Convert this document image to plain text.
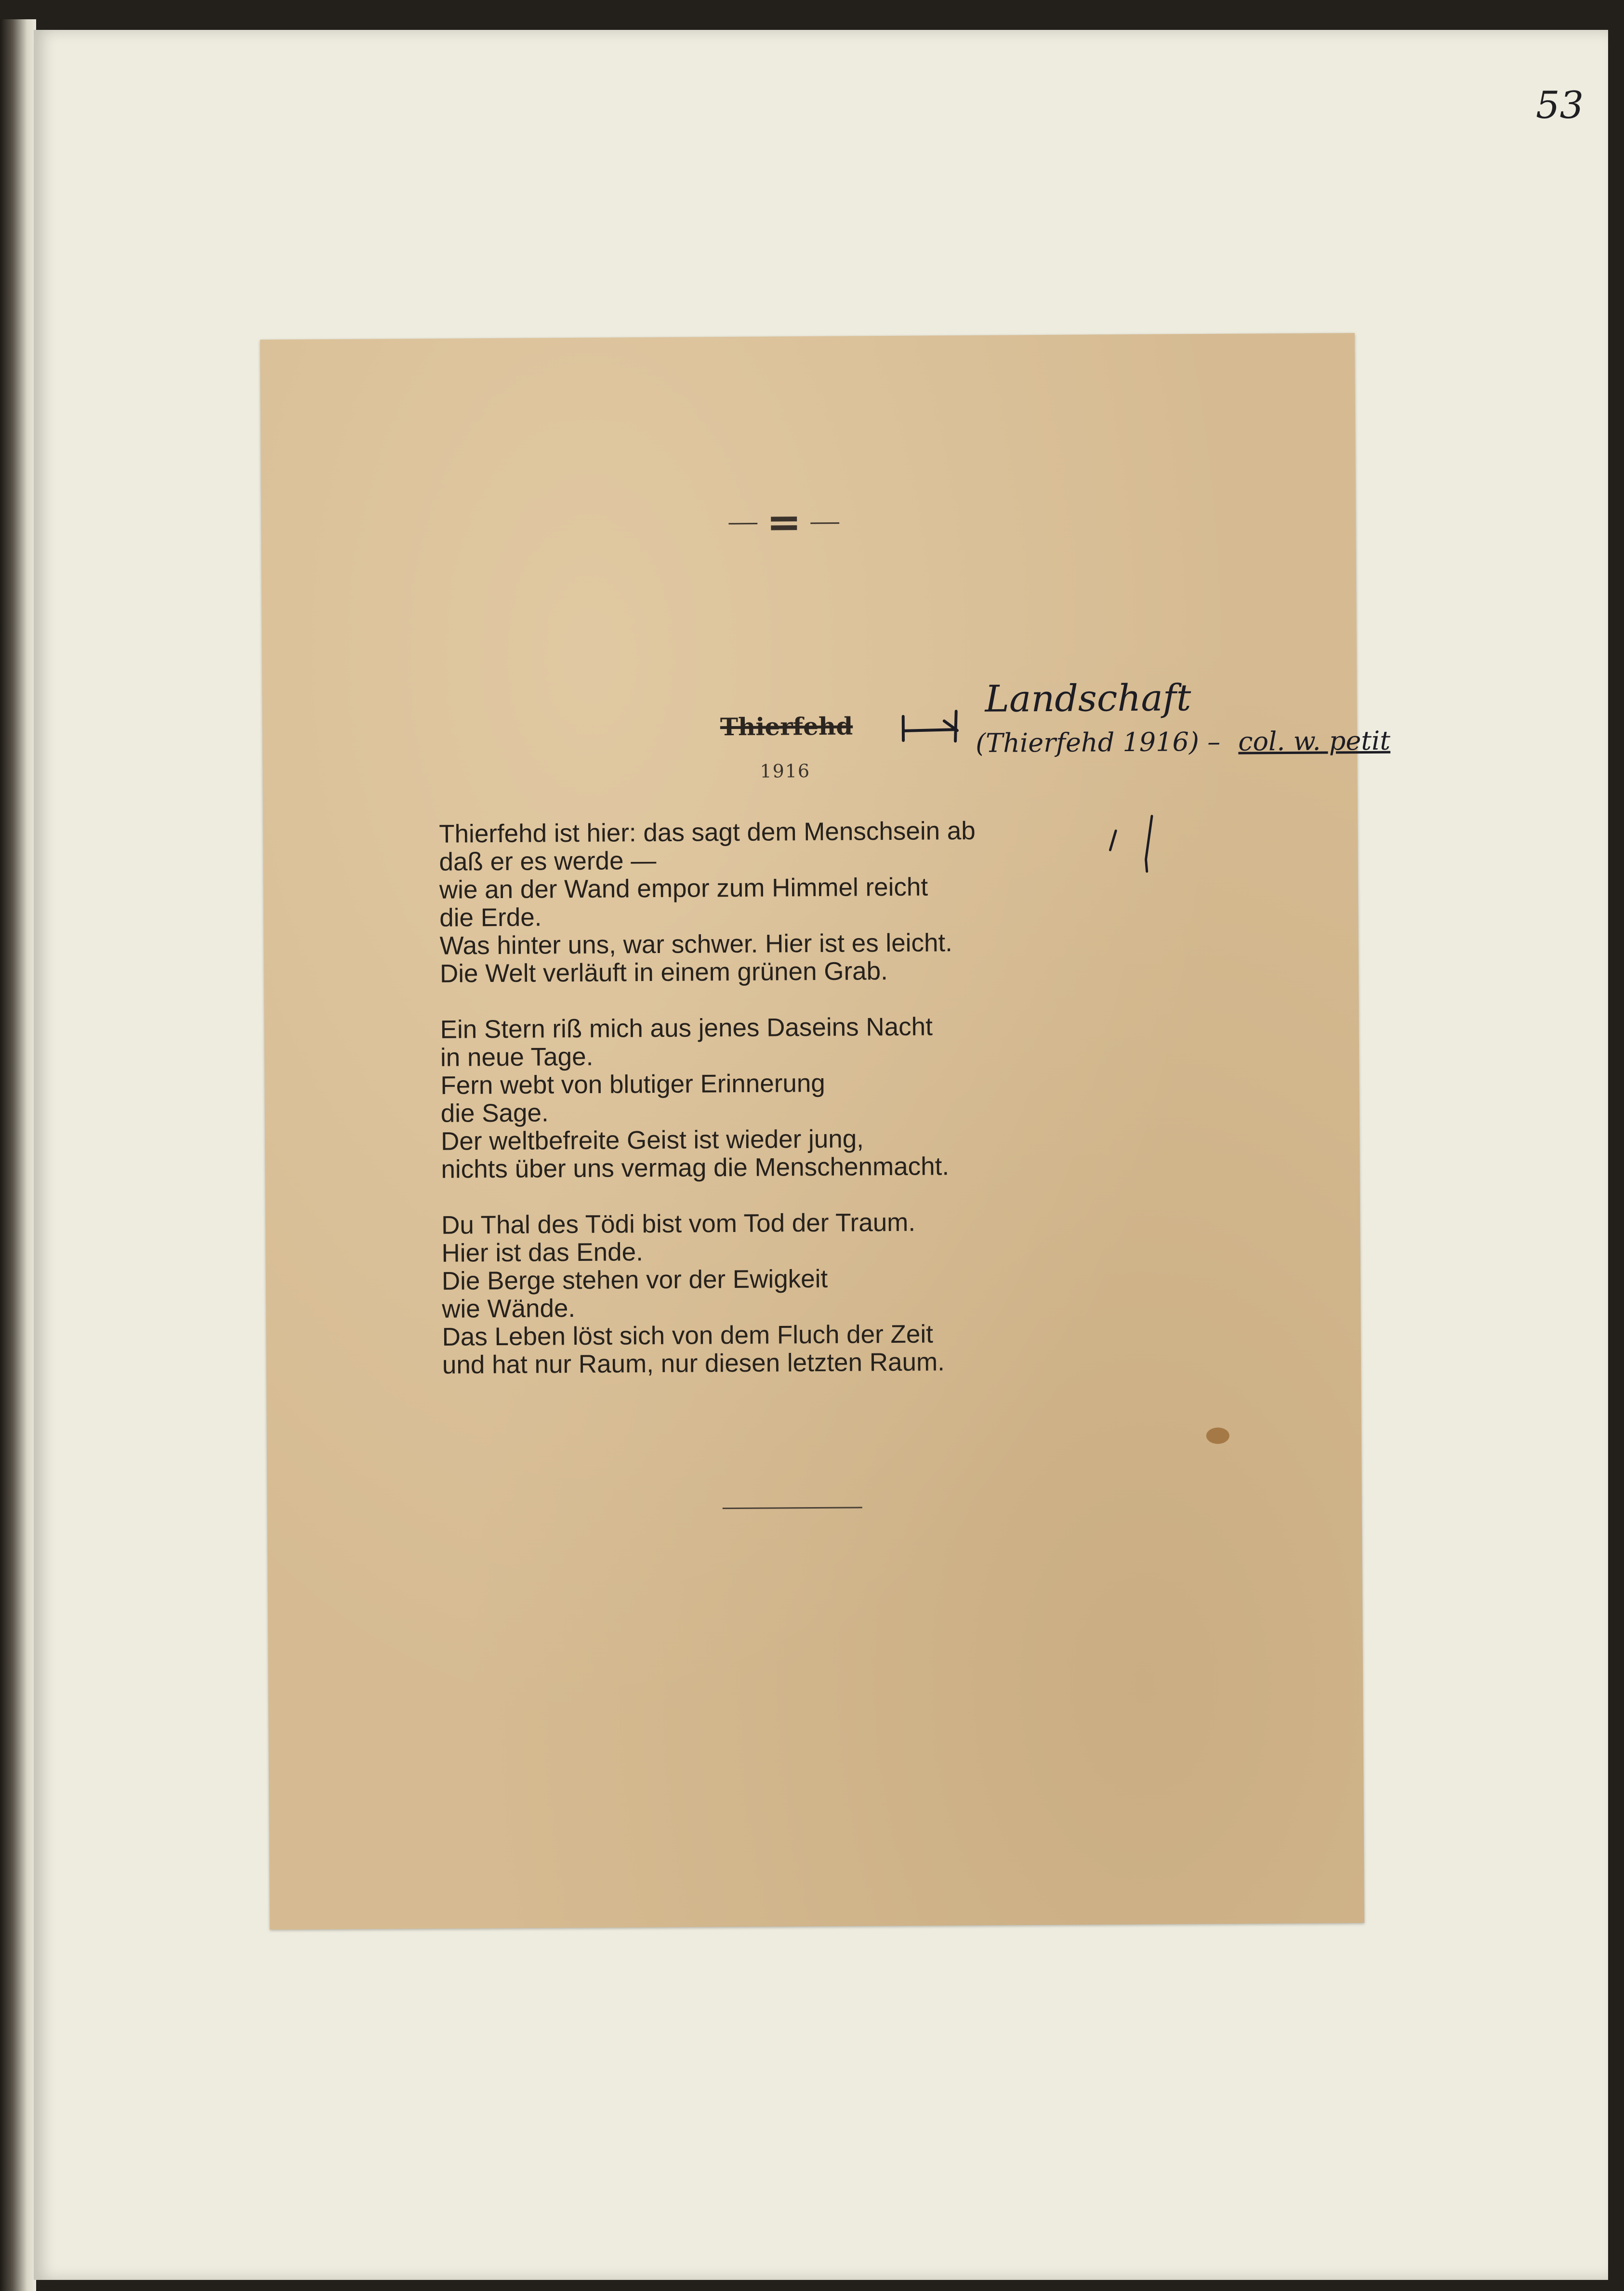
53
Thierfehd
1916
Landschaft
(Thierfehd 1916) – col. w. petit
Thierfehd ist hier: das sagt dem Menschsein ab
daß er es werde —
wie an der Wand empor zum Himmel reicht
die Erde.
Was hinter uns, war schwer. Hier ist es leicht.
Die Welt verläuft in einem grünen Grab.
Ein Stern riß mich aus jenes Daseins Nacht
in neue Tage.
Fern webt von blutiger Erinnerung
die Sage.
Der weltbefreite Geist ist wieder jung,
nichts über uns vermag die Menschenmacht.
Du Thal des Tödi bist vom Tod der Traum.
Hier ist das Ende.
Die Berge stehen vor der Ewigkeit
wie Wände.
Das Leben löst sich von dem Fluch der Zeit
und hat nur Raum, nur diesen letzten Raum.
